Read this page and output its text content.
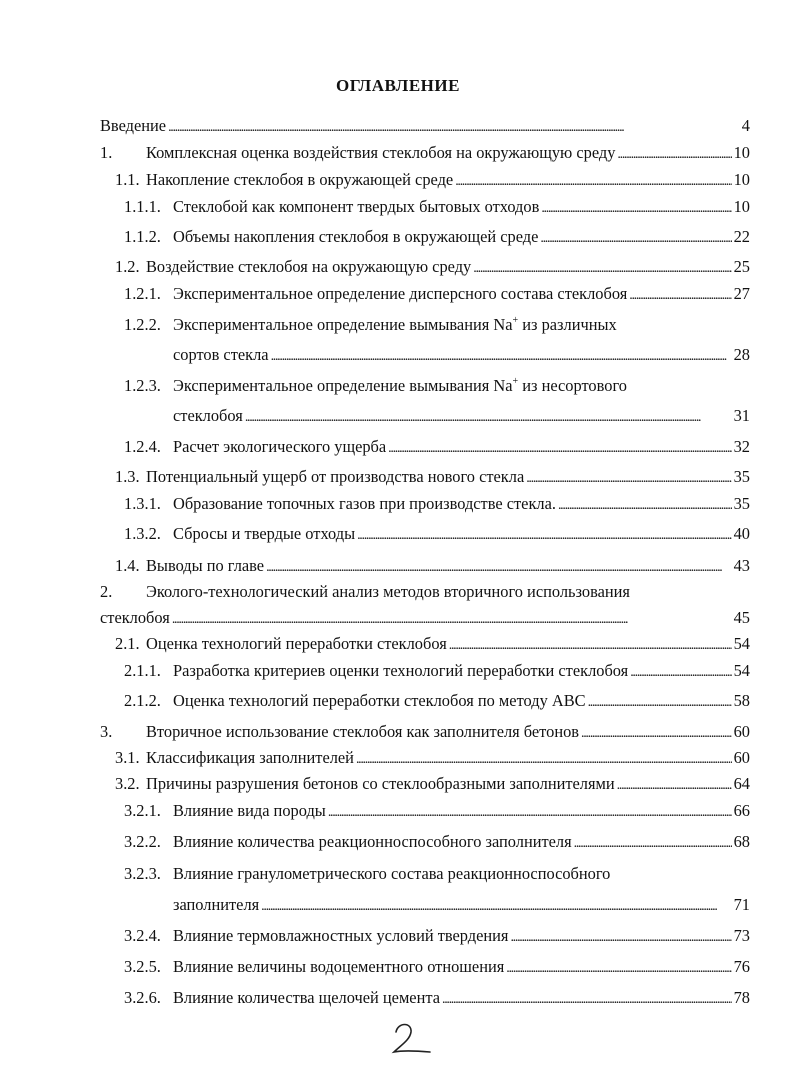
ОГЛАВЛЕНИЕ
Введение . . .	4
1.	Комплексная оценка воздействия стеклобоя на окружающую среду . . .	10
1.1. Накопление стеклобоя в окружающей среде . . .	10
1.1.1. Стеклобой как компонент твердых бытовых отходов . . .	10
1.1.2. Объемы накопления стеклобоя в окружающей среде . . .	22
1.2. Воздействие стеклобоя на окружающую среду . . .	25
1.2.1. Экспериментальное определение дисперсного состава стеклобоя . . .	27
1.2.2. Экспериментальное определение вымывания Na+ из различных
сортов стекла . . .	28
1.2.3. Экспериментальное определение вымывания Na+ из несортового
стеклобоя . . .	31
1.2.4. Расчет экологического ущерба . . .	32
1.3. Потенциальный ущерб от производства нового стекла . . .	35
1.3.1. Образование топочных газов при производстве стекла. . . .	35
1.3.2. Сбросы и твердые отходы . . .	40
1.4. Выводы по главе . . .	43
2. Эколого-технологический анализ методов вторичного использования
стеклобоя . . .	45
2.1. Оценка технологий переработки стеклобоя . . .	54
2.1.1. Разработка критериев оценки технологий переработки стеклобоя . . .	54
2.1.2. Оценка технологий переработки стеклобоя по методу АВС . . .	58
3.	Вторичное использование стеклобоя как заполнителя бетонов . . .	60
3.1. Классификация заполнителей . . .	60
3.2. Причины разрушения бетонов со стеклообразными заполнителями . . .	64
3.2.1. Влияние вида породы . . .	66
3.2.2. Влияние количества реакционноспособного заполнителя . . .	68
3.2.3. Влияние гранулометрического состава реакционноспособного
заполнителя . . .	71
3.2.4. Влияние термовлажностных условий твердения . . .	73
3.2.5. Влияние величины водоцементного отношения . . .	76
3.2.6. Влияние количества щелочей цемента . . .	78
